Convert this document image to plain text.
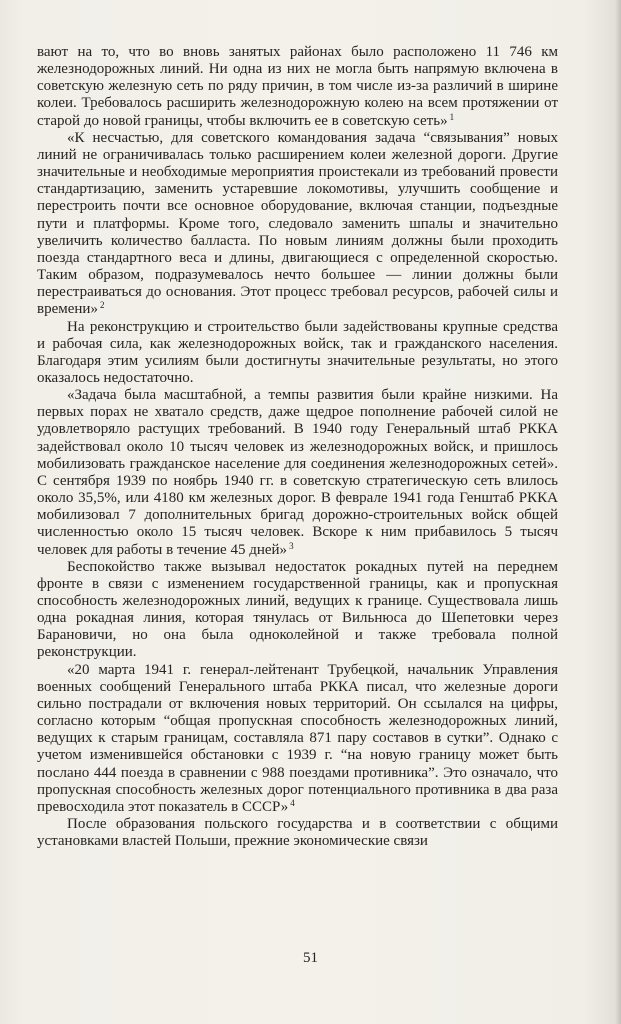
вают на то, что во вновь занятых районах было расположено 11 746 км железнодорожных линий. Ни одна из них не могла быть напрямую включена в советскую железную сеть по ряду причин, в том числе из-за различий в ширине колеи. Требовалось расширить железнодорожную колею на всем протяжении от старой до новой границы, чтобы включить ее в советскую сеть» $^1$

«К несчастью, для советского командования задача “связывания” новых линий не ограничивалась только расширением колеи железной дороги. Другие значительные и необходимые мероприятия проистекали из требований провести стандартизацию, заменить устаревшие локомотивы, улучшить сообщение и перестроить почти все основное оборудование, включая станции, подъездные пути и платформы. Кроме того, следовало заменить шпалы и значительно увеличить количество балласта. По новым линиям должны были проходить поезда стандартного веса и длины, двигающиеся с определенной скоростью. Таким образом, подразумевалось нечто большее — линии должны были перестраиваться до основания. Этот процесс требовал ресурсов, рабочей силы и времени» $^2$

На реконструкцию и строительство были задействованы крупные средства и рабочая сила, как железнодорожных войск, так и гражданского населения. Благодаря этим усилиям были достигнуты значительные результаты, но этого оказалось недостаточно.

«Задача была масштабной, а темпы развития были крайне низкими. На первых порах не хватало средств, даже щедрое пополнение рабочей силой не удовлетворяло растущих требований. В 1940 году Генеральный штаб РККА задействовал около 10 тысяч человек из железнодорожных войск, и пришлось мобилизовать гражданское население для соединения железнодорожных сетей». С сентября 1939 по ноябрь 1940 гг. в советскую стратегическую сеть влилось около 35,5%, или 4180 км железных дорог. В феврале 1941 года Генштаб РККА мобилизовал 7 дополнительных бригад дорожно-строительных войск общей численностью около 15 тысяч человек. Вскоре к ним прибавилось 5 тысяч человек для работы в течение 45 дней» $^3$

Беспокойство также вызывал недостаток рокадных путей на переднем фронте в связи с изменением государственной границы, как и пропускная способность железнодорожных линий, ведущих к границе. Существовала лишь одна рокадная линия, которая тянулась от Вильнюса до Шепетовки через Барановичи, но она была одноколейной и также требовала полной реконструкции.

«20 марта 1941 г. генерал-лейтенант Трубецкой, начальник Управления военных сообщений Генерального штаба РККА писал, что железные дороги сильно пострадали от включения новых территорий. Он ссылался на цифры, согласно которым “общая пропускная способность железнодорожных линий, ведущих к старым границам, составляла 871 пару составов в сутки”. Однако с учетом изменившейся обстановки с 1939 г. “на новую границу может быть послано 444 поезда в сравнении с 988 поездами противника”. Это означало, что пропускная способность железных дорог потенциального противника в два раза превосходила этот показатель в СССР» $^4$

После образования польского государства и в соответствии с общими установками властей Польши, прежние экономические связи

51
